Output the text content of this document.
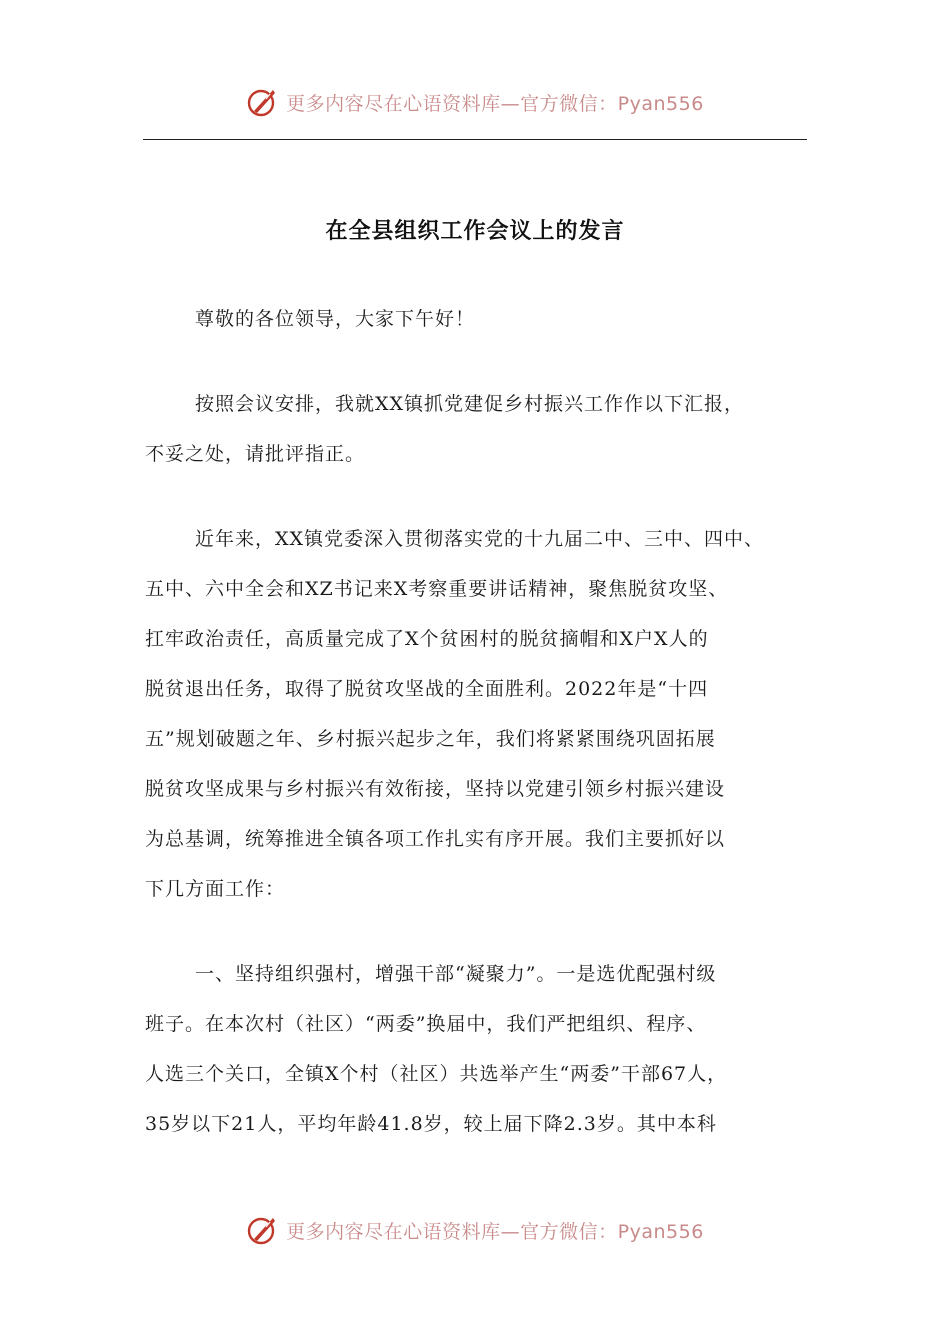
更多内容尽在心语资料库—官方微信：Pyan556
在全县组织工作会议上的发言
尊敬的各位领导，大家下午好！
按照会议安排，我就XX镇抓党建促乡村振兴工作作以下汇报，
不妥之处，请批评指正。
近年来，XX镇党委深入贯彻落实党的十九届二中、三中、四中、
五中、六中全会和XZ书记来X考察重要讲话精神，聚焦脱贫攻坚、
扛牢政治责任，高质量完成了X个贫困村的脱贫摘帽和X户X人的
脱贫退出任务，取得了脱贫攻坚战的全面胜利。2022年是“十四
五”规划破题之年、乡村振兴起步之年，我们将紧紧围绕巩固拓展
脱贫攻坚成果与乡村振兴有效衔接，坚持以党建引领乡村振兴建设
为总基调，统筹推进全镇各项工作扎实有序开展。我们主要抓好以
下几方面工作：
一、坚持组织强村，增强干部“凝聚力”。一是选优配强村级
班子。在本次村（社区）“两委”换届中，我们严把组织、程序、
人选三个关口，全镇X个村（社区）共选举产生“两委”干部67人，
35岁以下21人，平均年龄41.8岁，较上届下降2.3岁。其中本科
更多内容尽在心语资料库—官方微信：Pyan556
